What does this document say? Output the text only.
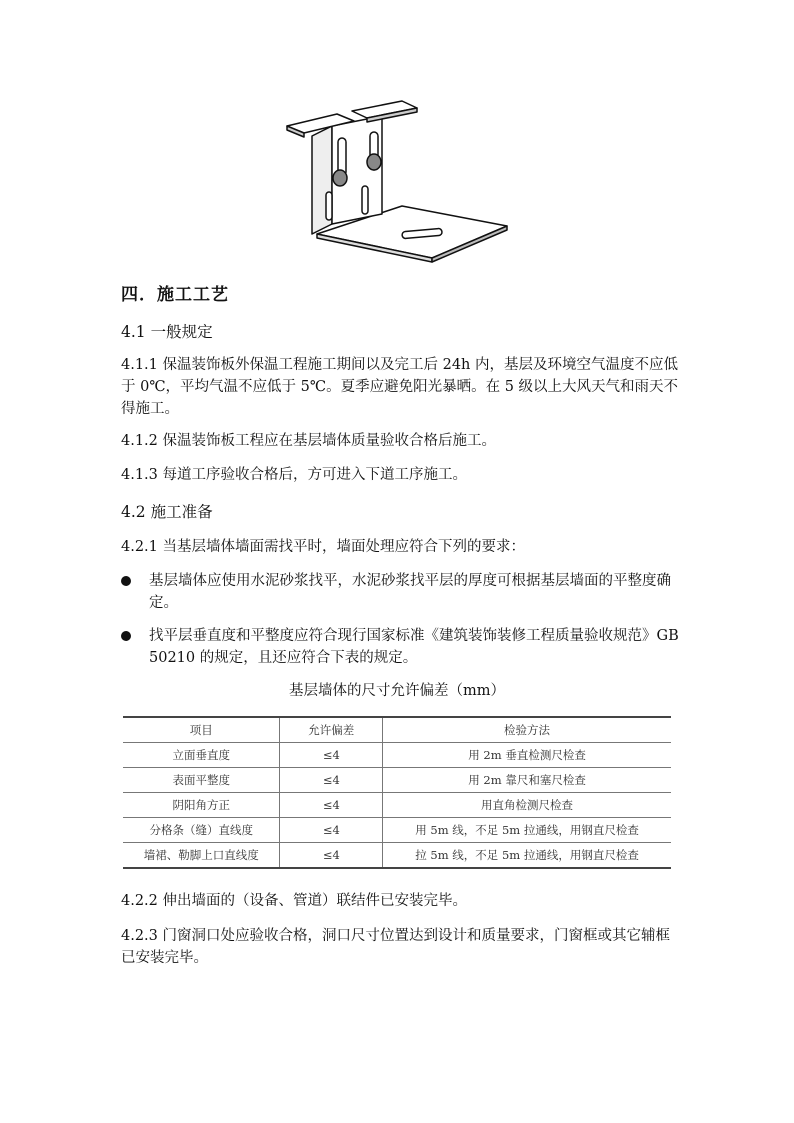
四．施工工艺
4.1 一般规定
4.1.1 保温装饰板外保温工程施工期间以及完工后 24h 内，基层及环境空气温度不应低于 0℃，平均气温不应低于 5℃。夏季应避免阳光暴晒。在 5 级以上大风天气和雨天不得施工。
4.1.2 保温装饰板工程应在基层墙体质量验收合格后施工。
4.1.3 每道工序验收合格后，方可进入下道工序施工。
4.2 施工准备
4.2.1 当基层墙体墙面需找平时，墙面处理应符合下列的要求：
基层墙体应使用水泥砂浆找平，水泥砂浆找平层的厚度可根据基层墙面的平整度确定。
找平层垂直度和平整度应符合现行国家标准《建筑装饰装修工程质量验收规范》GB 50210 的规定，且还应符合下表的规定。
基层墙体的尺寸允许偏差（mm）
项目	允许偏差	检验方法
立面垂直度	≤4	用 2m 垂直检测尺检查
表面平整度	≤4	用 2m 靠尺和塞尺检查
阴阳角方正	≤4	用直角检测尺检查
分格条（缝）直线度	≤4	用 5m 线，不足 5m 拉通线，用钢直尺检查
墙裙、勒脚上口直线度	≤4	拉 5m 线，不足 5m 拉通线，用钢直尺检查
4.2.2 伸出墙面的（设备、管道）联结件已安装完毕。
4.2.3 门窗洞口处应验收合格，洞口尺寸位置达到设计和质量要求，门窗框或其它辅框已安装完毕。
